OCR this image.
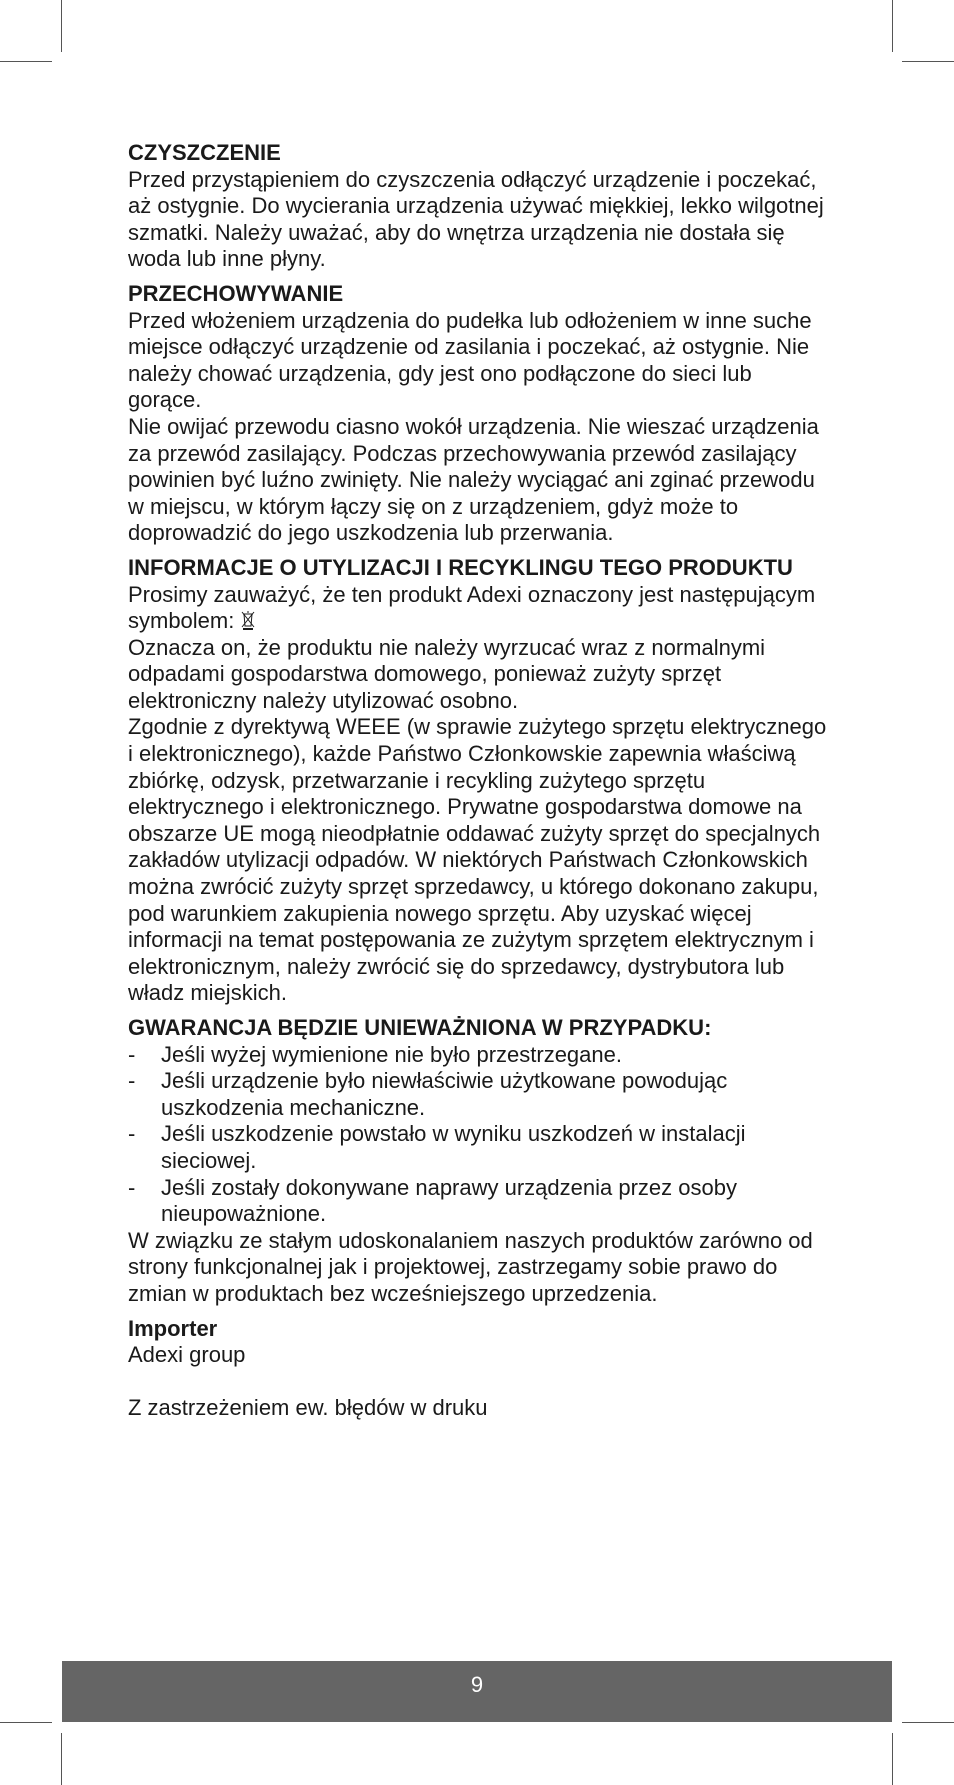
CZYSZCZENIE

Przed przystąpieniem do czyszczenia odłączyć urządzenie i poczekać, aż ostygnie. Do wycierania urządzenia używać miękkiej, lekko wilgotnej szmatki. Należy uważać, aby do wnętrza urządzenia nie dostała się woda lub inne płyny.

PRZECHOWYWANIE

Przed włożeniem urządzenia do pudełka lub odłożeniem w inne suche miejsce odłączyć urządzenie od zasilania i poczekać, aż ostygnie. Nie należy chować urządzenia, gdy jest ono podłączone do sieci lub gorące.

Nie owijać przewodu ciasno wokół urządzenia. Nie wieszać urządzenia za przewód zasilający. Podczas przechowywania przewód zasilający powinien być luźno zwinięty. Nie należy wyciągać ani zginać przewodu w miejscu, w którym łączy się on z urządzeniem, gdyż może to doprowadzić do jego uszkodzenia lub przerwania.

INFORMACJE O UTYLIZACJI I RECYKLINGU TEGO PRODUKTU

Prosimy zauważyć, że ten produkt Adexi oznaczony jest następującym symbolem:

Oznacza on, że produktu nie należy wyrzucać wraz z normalnymi odpadami gospodarstwa domowego, ponieważ zużyty sprzęt elektroniczny należy utylizować osobno.

Zgodnie z dyrektywą WEEE (w sprawie zużytego sprzętu elektrycznego i elektronicznego), każde Państwo Członkowskie zapewnia właściwą zbiórkę, odzysk, przetwarzanie i recykling zużytego sprzętu elektrycznego i elektronicznego. Prywatne gospodarstwa domowe na obszarze UE mogą nieodpłatnie oddawać zużyty sprzęt do specjalnych zakładów utylizacji odpadów. W niektórych Państwach Członkowskich można zwrócić zużyty sprzęt sprzedawcy, u którego dokonano zakupu, pod warunkiem zakupienia nowego sprzętu. Aby uzyskać więcej informacji na temat postępowania ze zużytym sprzętem elektrycznym i elektronicznym, należy zwrócić się do sprzedawcy, dystrybutora lub władz miejskich.

GWARANCJA BĘDZIE UNIEWAŻNIONA W PRZYPADKU:
- Jeśli wyżej wymienione nie było przestrzegane.
- Jeśli urządzenie było niewłaściwie użytkowane powodując uszkodzenia mechaniczne.
- Jeśli uszkodzenie powstało w wyniku uszkodzeń w instalacji sieciowej.
- Jeśli zostały dokonywane naprawy urządzenia przez osoby nieupoważnione.

W związku ze stałym udoskonalaniem naszych produktów zarówno od strony funkcjonalnej jak i projektowej, zastrzegamy sobie prawo do zmian w produktach bez wcześniejszego uprzedzenia.

Importer

Adexi group

Z zastrzeżeniem ew. błędów w druku

9
